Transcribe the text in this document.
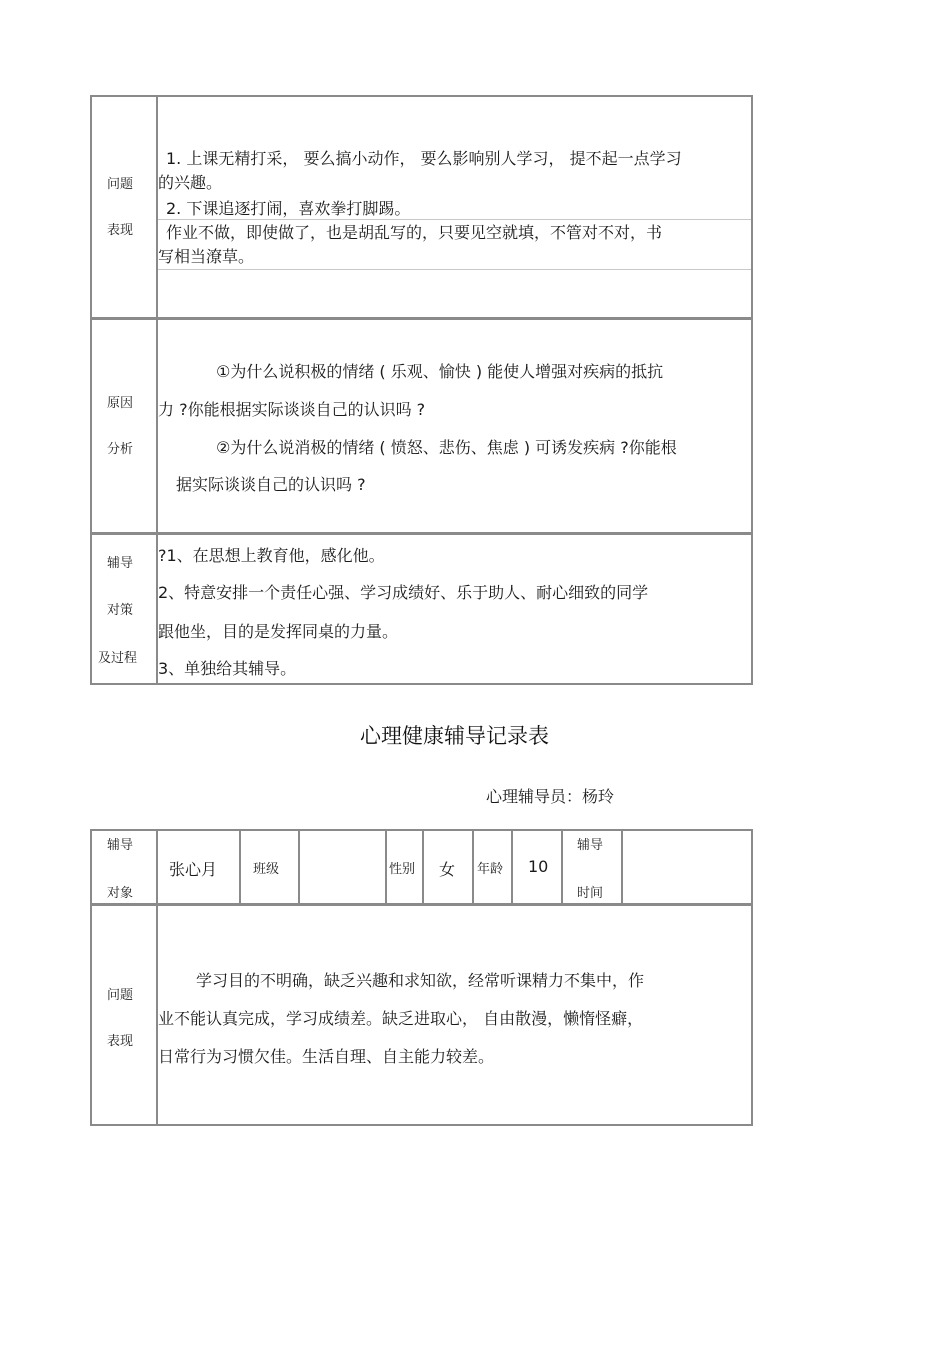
问题
表现
1. 上课无精打采， 要么搞小动作， 要么影响别人学习， 提不起一点学习
的兴趣。
2. 下课追逐打闹，喜欢拳打脚踢。
作业不做，即使做了，也是胡乱写的，只要见空就填，不管对不对，书
写相当潦草。
原因
分析
①为什么说积极的情绪 ( 乐观、愉快 ) 能使人增强对疾病的抵抗
力 ?你能根据实际谈谈自己的认识吗 ?
②为什么说消极的情绪 ( 愤怒、悲伤、焦虑 ) 可诱发疾病 ?你能根
据实际谈谈自己的认识吗 ?
辅导
对策
及过程
?1、在思想上教育他，感化他。
2、特意安排一个责任心强、学习成绩好、乐于助人、耐心细致的同学
跟他坐，目的是发挥同桌的力量。
3、单独给其辅导。
心理健康辅导记录表
心理辅导员：杨玲
辅导
对象
张心月	班级	性别 女 年龄 10
辅导
时间
问题
表现
学习目的不明确，缺乏兴趣和求知欲，经常听课精力不集中，作
业不能认真完成，学习成绩差。缺乏进取心， 自由散漫，懒惰怪癖，
日常行为习惯欠佳。生活自理、自主能力较差。
